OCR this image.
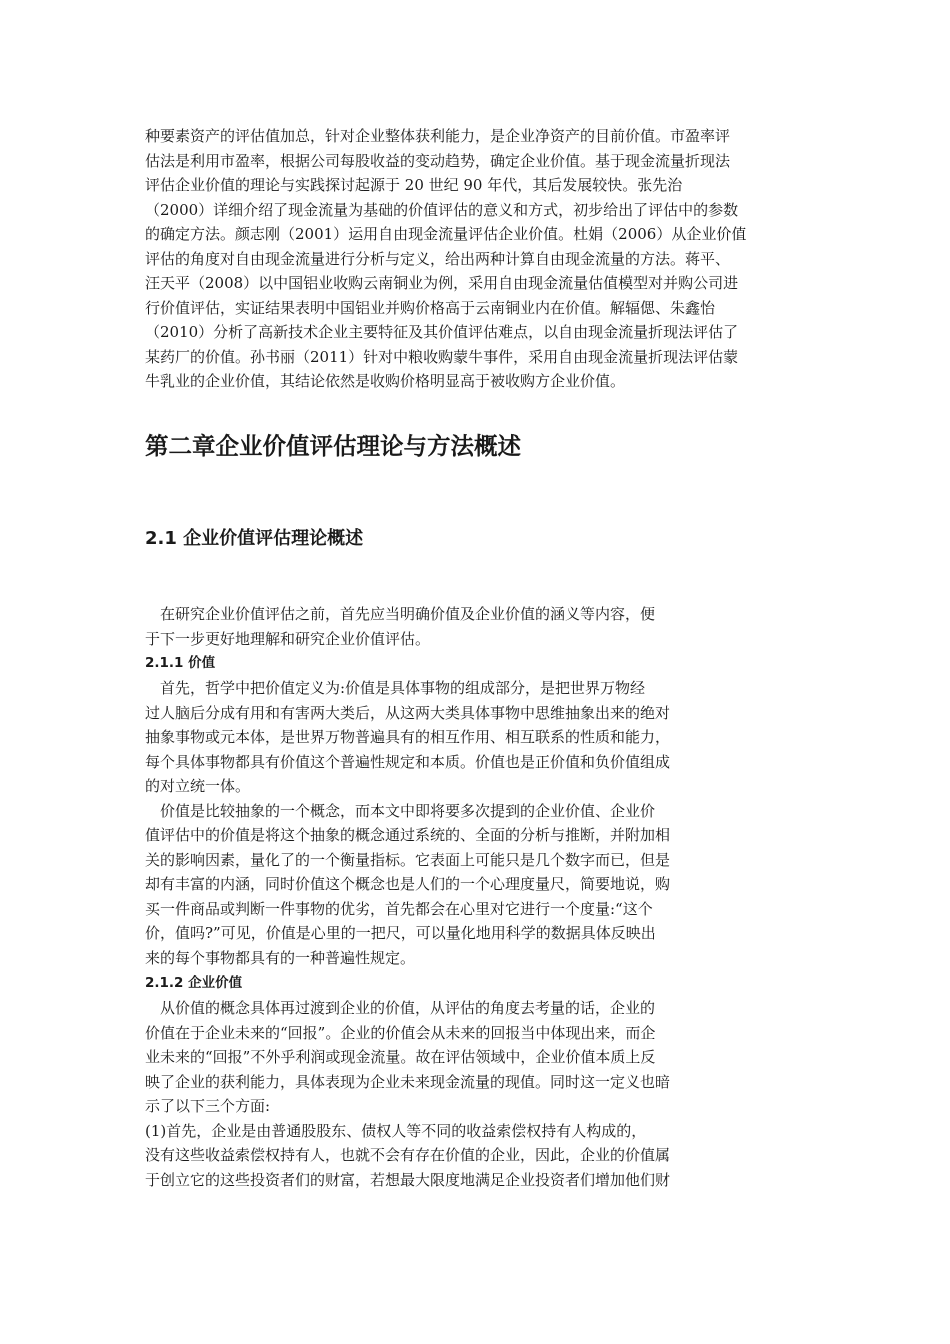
种要素资产的评估值加总，针对企业整体获利能力，是企业净资产的目前价值。市盈率评

估法是利用市盈率，根据公司每股收益的变动趋势，确定企业价值。基于现金流量折现法

评估企业价值的理论与实践探讨起源于 20 世纪 90 年代，其后发展较快。张先治

（2000）详细介绍了现金流量为基础的价值评估的意义和方式，初步给出了评估中的参数

的确定方法。颜志刚（2001）运用自由现金流量评估企业价值。杜娟（2006）从企业价值

评估的角度对自由现金流量进行分析与定义，给出两种计算自由现金流量的方法。蒋平、

汪天平（2008）以中国铝业收购云南铜业为例，采用自由现金流量估值模型对并购公司进

行价值评估，实证结果表明中国铝业并购价格高于云南铜业内在价值。解辐偲、朱鑫怡

（2010）分析了高新技术企业主要特征及其价值评估难点，以自由现金流量折现法评估了

某药厂的价值。孙书丽（2011）针对中粮收购蒙牛事件，采用自由现金流量折现法评估蒙

牛乳业的企业价值，其结论依然是收购价格明显高于被收购方企业价值。

第二章企业价值评估理论与方法概述
2.1 企业价值评估理论概述

在研究企业价值评估之前，首先应当明确价值及企业价值的涵义等内容，便

于下一步更好地理解和研究企业价值评估。

2.1.1 价值

首先，哲学中把价值定义为:价值是具体事物的组成部分，是把世界万物经

过人脑后分成有用和有害两大类后，从这两大类具体事物中思维抽象出来的绝对

抽象事物或元本体，是世界万物普遍具有的相互作用、相互联系的性质和能力，

每个具体事物都具有价值这个普遍性规定和本质。价值也是正价值和负价值组成

的对立统一体。

价值是比较抽象的一个概念，而本文中即将要多次提到的企业价值、企业价

值评估中的价值是将这个抽象的概念通过系统的、全面的分析与推断，并附加相

关的影响因素，量化了的一个衡量指标。它表面上可能只是几个数字而已，但是

却有丰富的内涵，同时价值这个概念也是人们的一个心理度量尺，简要地说，购

买一件商品或判断一件事物的优劣，首先都会在心里对它进行一个度量:“这个

价，值吗?”可见，价值是心里的一把尺，可以量化地用科学的数据具体反映出

来的每个事物都具有的一种普遍性规定。

2.1.2 企业价值

从价值的概念具体再过渡到企业的价值，从评估的角度去考量的话，企业的

价值在于企业未来的“回报”。企业的价值会从未来的回报当中体现出来，而企

业未来的“回报”不外乎利润或现金流量。故在评估领域中，企业价值本质上反

映了企业的获利能力，具体表现为企业未来现金流量的现值。同时这一定义也暗

示了以下三个方面:

(1)首先，企业是由普通股股东、债权人等不同的收益索偿权持有人构成的，

没有这些收益索偿权持有人，也就不会有存在价值的企业，因此，企业的价值属

于创立它的这些投资者们的财富，若想最大限度地满足企业投资者们增加他们财
